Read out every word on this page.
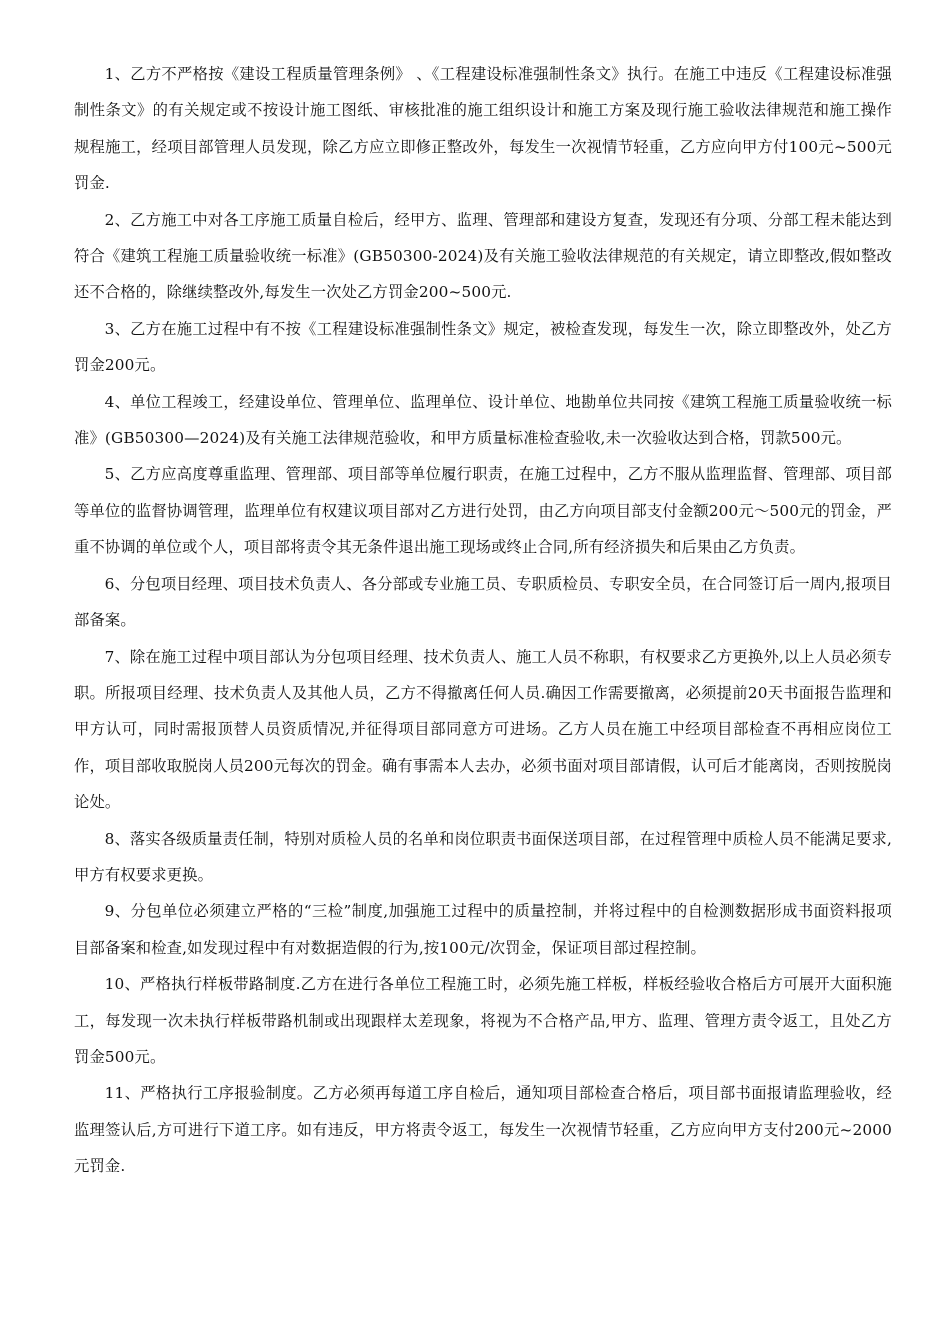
1、乙方不严格按《建设工程质量管理条例》 、《工程建设标准强制性条文》执行。在施工中违反《工程建设标准强制性条文》的有关规定或不按设计施工图纸、审核批准的施工组织设计和施工方案及现行施工验收法律规范和施工操作规程施工，经项目部管理人员发现，除乙方应立即修正整改外，每发生一次视情节轻重，乙方应向甲方付100元~500元罚金.

2、乙方施工中对各工序施工质量自检后，经甲方、监理、管理部和建设方复查，发现还有分项、分部工程未能达到符合《建筑工程施工质量验收统一标准》(GB50300-2024)及有关施工验收法律规范的有关规定，请立即整改,假如整改还不合格的，除继续整改外,每发生一次处乙方罚金200~500元.

3、乙方在施工过程中有不按《工程建设标准强制性条文》规定，被检查发现，每发生一次，除立即整改外，处乙方罚金200元。

4、单位工程竣工，经建设单位、管理单位、监理单位、设计单位、地勘单位共同按《建筑工程施工质量验收统一标准》(GB50300—2024)及有关施工法律规范验收，和甲方质量标准检查验收,未一次验收达到合格，罚款500元。

5、乙方应高度尊重监理、管理部、项目部等单位履行职责，在施工过程中，乙方不服从监理监督、管理部、项目部等单位的监督协调管理，监理单位有权建议项目部对乙方进行处罚，由乙方向项目部支付金额200元～500元的罚金，严重不协调的单位或个人，项目部将责令其无条件退出施工现场或终止合同,所有经济损失和后果由乙方负责。

6、分包项目经理、项目技术负责人、各分部或专业施工员、专职质检员、专职安全员，在合同签订后一周内,报项目部备案。

7、除在施工过程中项目部认为分包项目经理、技术负责人、施工人员不称职，有权要求乙方更换外,以上人员必须专职。所报项目经理、技术负责人及其他人员，乙方不得撤离任何人员.确因工作需要撤离，必须提前20天书面报告监理和甲方认可，同时需报顶替人员资质情况,并征得项目部同意方可进场。乙方人员在施工中经项目部检查不再相应岗位工作，项目部收取脱岗人员200元每次的罚金。确有事需本人去办，必须书面对项目部请假，认可后才能离岗，否则按脱岗论处。

8、落实各级质量责任制，特别对质检人员的名单和岗位职责书面保送项目部，在过程管理中质检人员不能满足要求,甲方有权要求更换。

9、分包单位必须建立严格的“三检”制度,加强施工过程中的质量控制，并将过程中的自检测数据形成书面资料报项目部备案和检查,如发现过程中有对数据造假的行为,按100元/次罚金，保证项目部过程控制。

10、严格执行样板带路制度.乙方在进行各单位工程施工时，必须先施工样板，样板经验收合格后方可展开大面积施工，每发现一次未执行样板带路机制或出现跟样太差现象，将视为不合格产品,甲方、监理、管理方责令返工，且处乙方罚金500元。

11、严格执行工序报验制度。乙方必须再每道工序自检后，通知项目部检查合格后，项目部书面报请监理验收，经监理签认后,方可进行下道工序。如有违反，甲方将责令返工，每发生一次视情节轻重，乙方应向甲方支付200元~2000元罚金.
